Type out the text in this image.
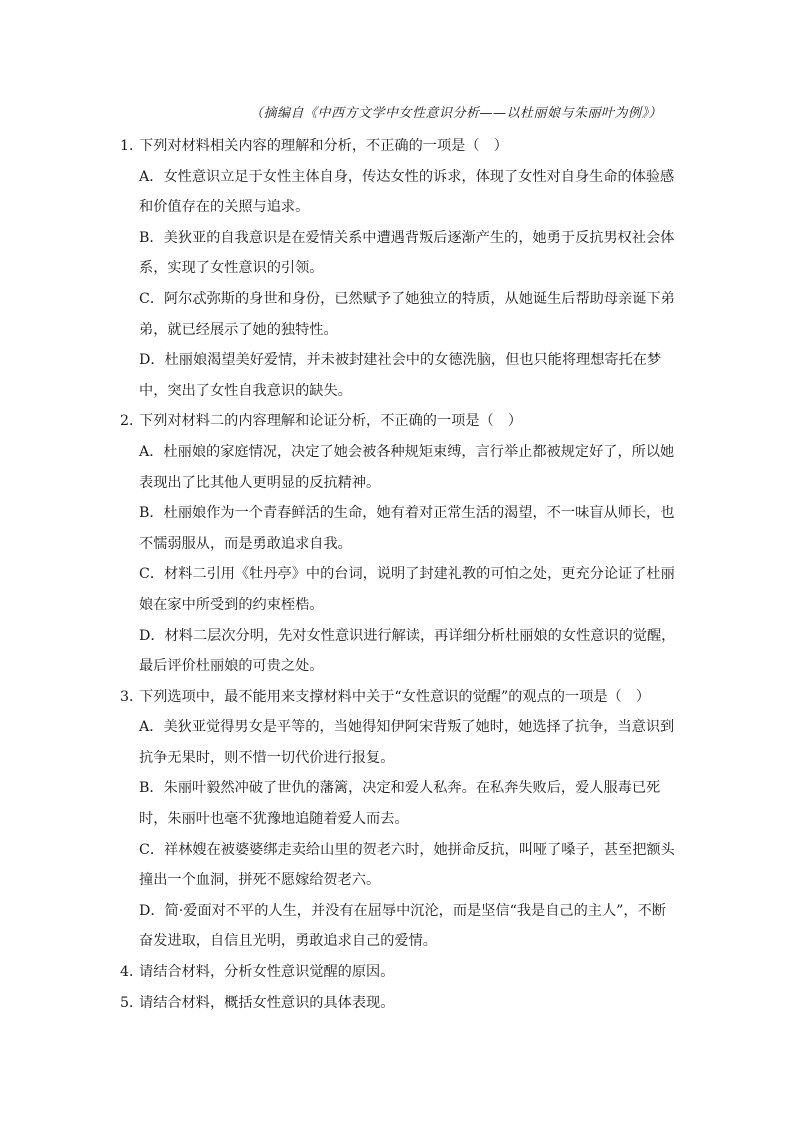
（摘编自《中西方文学中女性意识分析——以杜丽娘与朱丽叶为例》）

1．下列对材料相关内容的理解和分析，不正确的一项是（　）

A．女性意识立足于女性主体自身，传达女性的诉求，体现了女性对自身生命的体验感和价值存在的关照与追求。

B．美狄亚的自我意识是在爱情关系中遭遇背叛后逐渐产生的，她勇于反抗男权社会体系，实现了女性意识的引领。

C．阿尔忒弥斯的身世和身份，已然赋予了她独立的特质，从她诞生后帮助母亲诞下弟弟，就已经展示了她的独特性。

D．杜丽娘渴望美好爱情，并未被封建社会中的女德洗脑，但也只能将理想寄托在梦中，突出了女性自我意识的缺失。

2．下列对材料二的内容理解和论证分析，不正确的一项是（　）

A．杜丽娘的家庭情况，决定了她会被各种规矩束缚，言行举止都被规定好了，所以她表现出了比其他人更明显的反抗精神。

B．杜丽娘作为一个青春鲜活的生命，她有着对正常生活的渴望，不一味盲从师长，也不懦弱服从，而是勇敢追求自我。

C．材料二引用《牡丹亭》中的台词，说明了封建礼教的可怕之处，更充分论证了杜丽娘在家中所受到的约束桎梏。

D．材料二层次分明，先对女性意识进行解读，再详细分析杜丽娘的女性意识的觉醒，最后评价杜丽娘的可贵之处。

3．下列选项中，最不能用来支撑材料中关于“女性意识的觉醒”的观点的一项是（　）

A．美狄亚觉得男女是平等的，当她得知伊阿宋背叛了她时，她选择了抗争，当意识到抗争无果时，则不惜一切代价进行报复。

B．朱丽叶毅然冲破了世仇的藩篱，决定和爱人私奔。在私奔失败后，爱人服毒已死时，朱丽叶也毫不犹豫地追随着爱人而去。

C．祥林嫂在被婆婆绑走卖给山里的贺老六时，她拼命反抗，叫哑了嗓子，甚至把额头撞出一个血洞，拼死不愿嫁给贺老六。

D．简·爱面对不平的人生，并没有在屈辱中沉沦，而是坚信“我是自己的主人”，不断奋发进取，自信且光明，勇敢追求自己的爱情。

4．请结合材料，分析女性意识觉醒的原因。

5．请结合材料，概括女性意识的具体表现。
